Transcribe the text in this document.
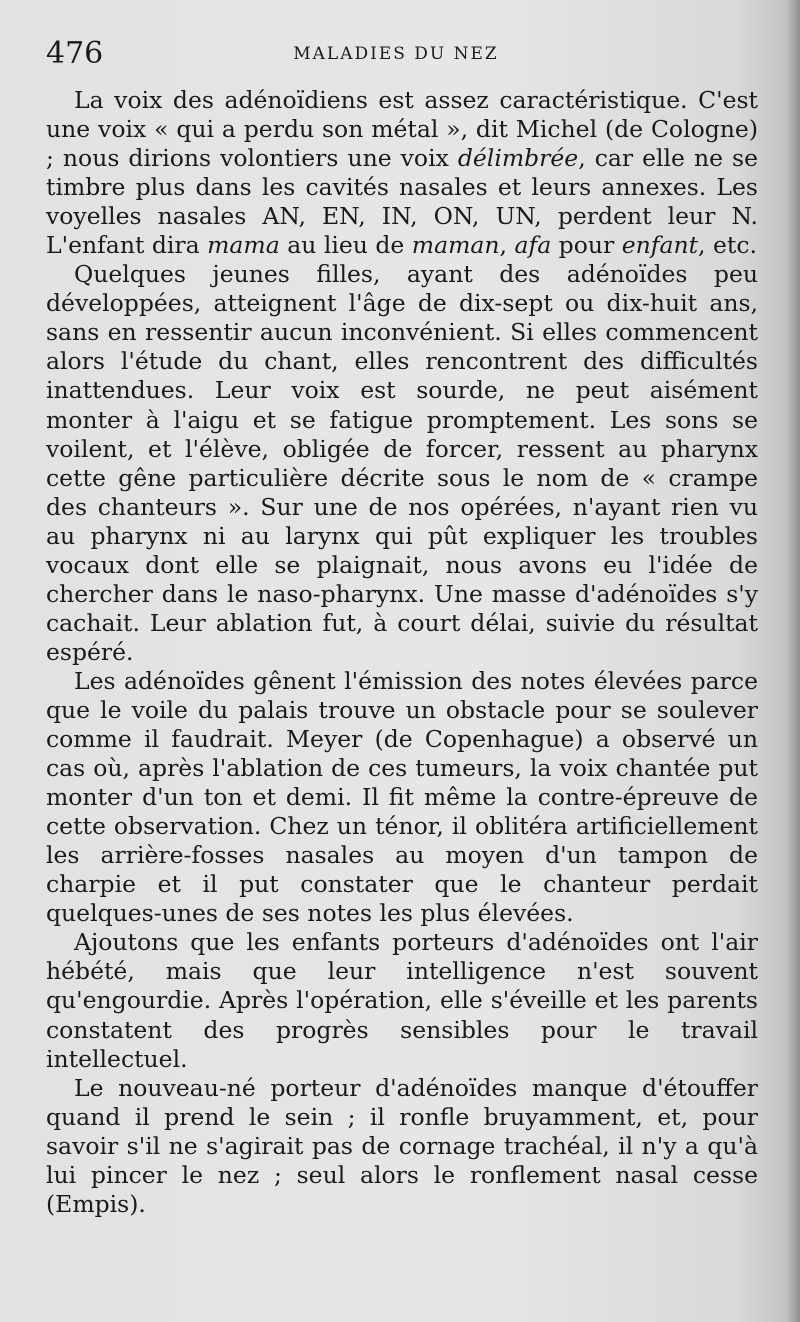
476	MALADIES DU NEZ

La voix des adénoïdiens est assez caractéristique. C'est une voix « qui a perdu son métal », dit Michel (de Cologne) ; nous dirions volontiers une voix délimbrée, car elle ne se timbre plus dans les cavités nasales et leurs annexes. Les voyelles nasales AN, EN, IN, ON, UN, perdent leur N. L'enfant dira mama au lieu de maman, afa pour enfant, etc.

Quelques jeunes filles, ayant des adénoïdes peu développées, atteignent l'âge de dix-sept ou dix-huit ans, sans en ressentir aucun inconvénient. Si elles commencent alors l'étude du chant, elles rencontrent des difficultés inattendues. Leur voix est sourde, ne peut aisément monter à l'aigu et se fatigue promptement. Les sons se voilent, et l'élève, obligée de forcer, ressent au pharynx cette gêne particulière décrite sous le nom de « crampe des chanteurs ». Sur une de nos opérées, n'ayant rien vu au pharynx ni au larynx qui pût expliquer les troubles vocaux dont elle se plaignait, nous avons eu l'idée de chercher dans le naso-pharynx. Une masse d'adénoïdes s'y cachait. Leur ablation fut, à court délai, suivie du résultat espéré.

Les adénoïdes gênent l'émission des notes élevées parce que le voile du palais trouve un obstacle pour se soulever comme il faudrait. Meyer (de Copenhague) a observé un cas où, après l'ablation de ces tumeurs, la voix chantée put monter d'un ton et demi. Il fit même la contre-épreuve de cette observation. Chez un ténor, il oblitéra artificiellement les arrière-fosses nasales au moyen d'un tampon de charpie et il put constater que le chanteur perdait quelques-unes de ses notes les plus élevées.

Ajoutons que les enfants porteurs d'adénoïdes ont l'air hébété, mais que leur intelligence n'est souvent qu'engourdie. Après l'opération, elle s'éveille et les parents constatent des progrès sensibles pour le travail intellectuel.

Le nouveau-né porteur d'adénoïdes manque d'étouffer quand il prend le sein ; il ronfle bruyamment, et, pour savoir s'il ne s'agirait pas de cornage trachéal, il n'y a qu'à lui pincer le nez ; seul alors le ronflement nasal cesse (Empis).
